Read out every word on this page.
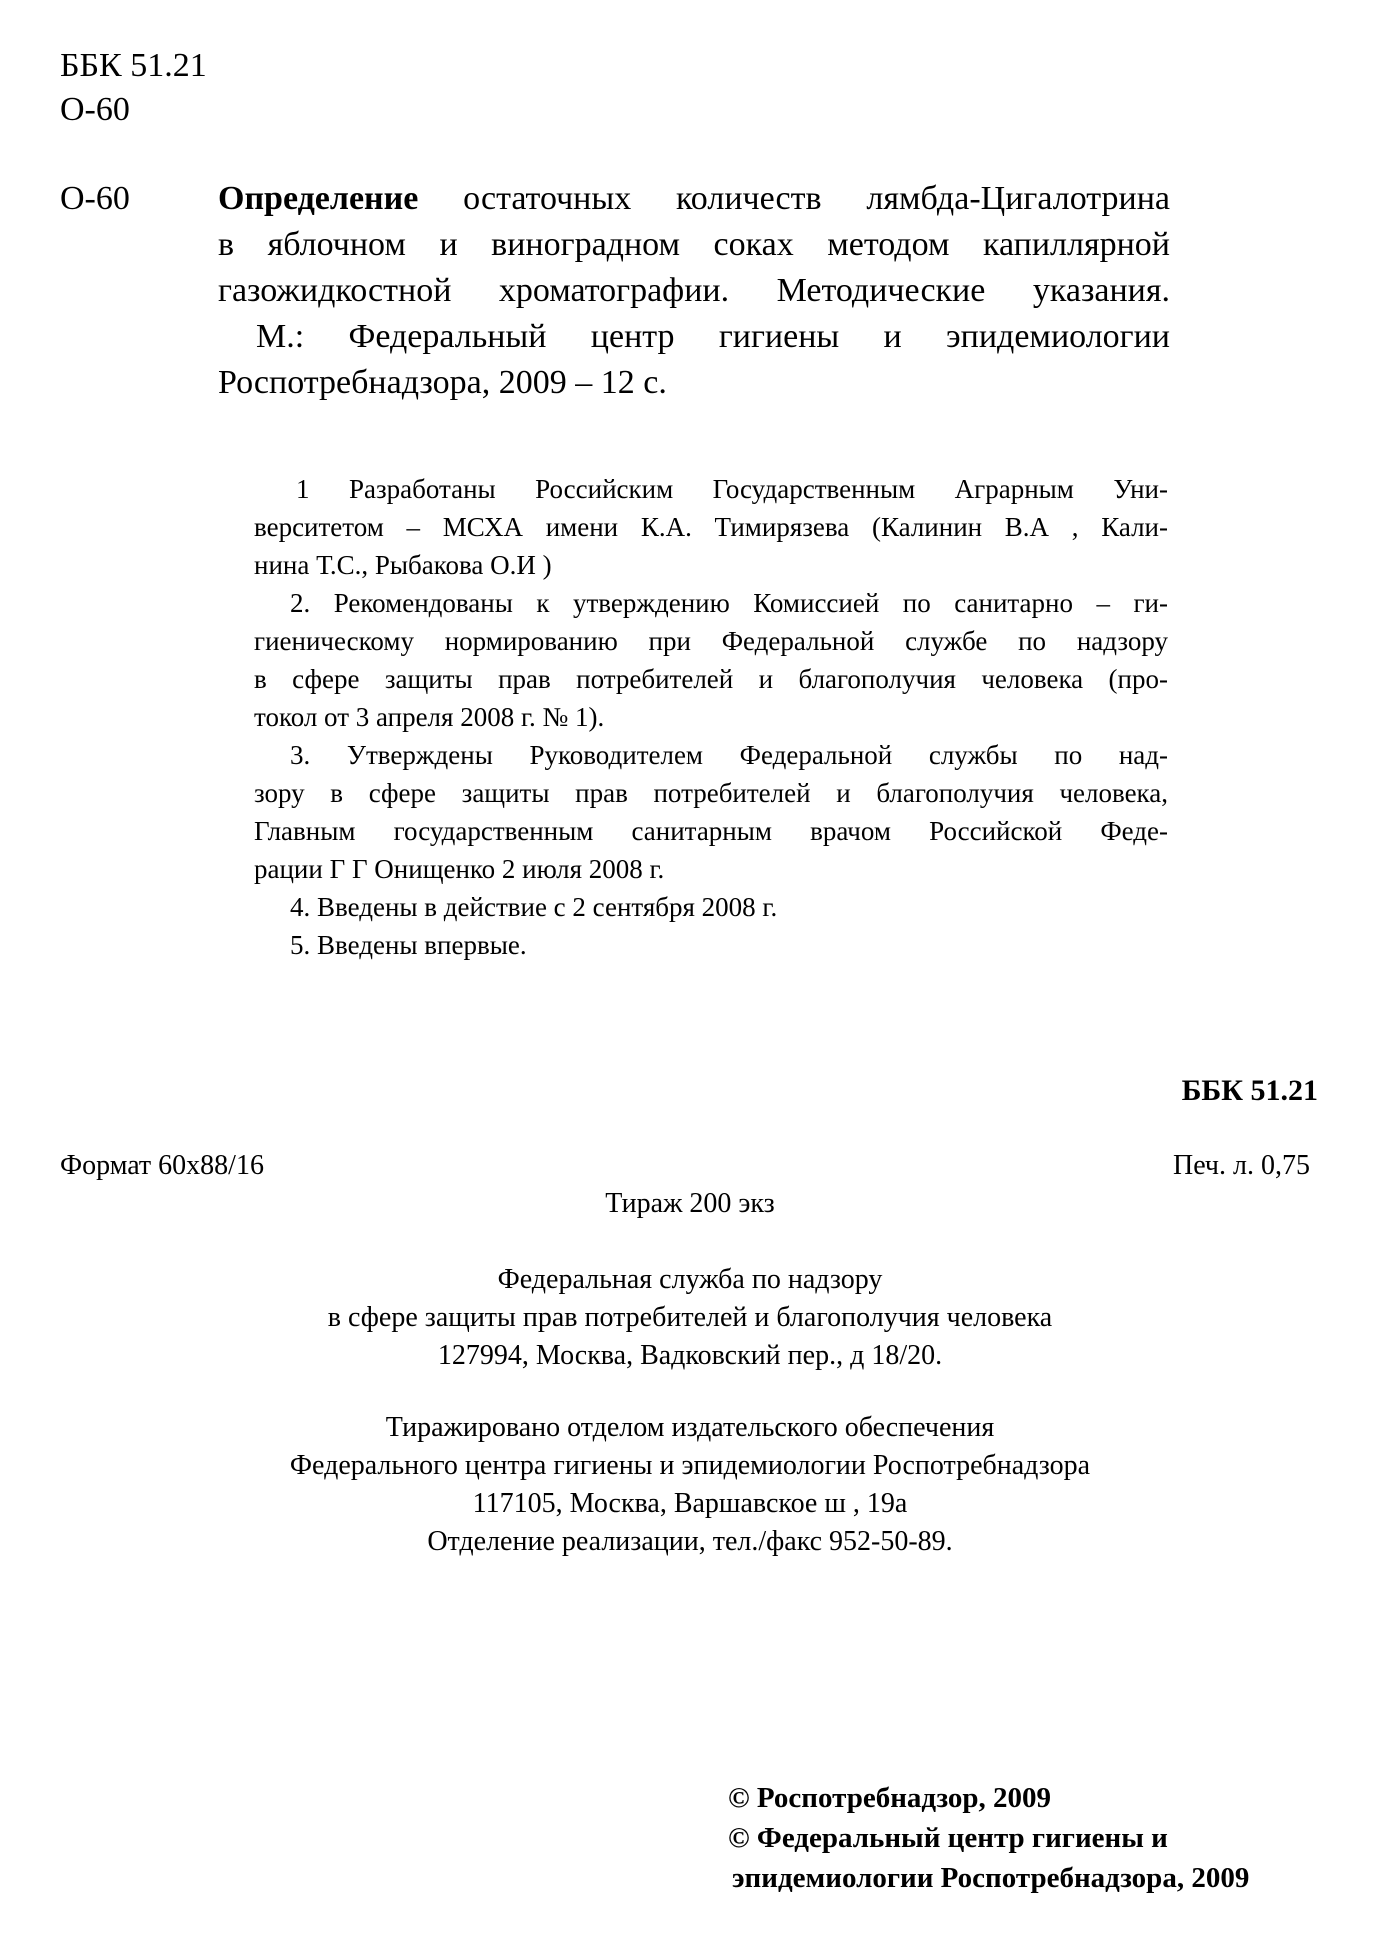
ББК 51.21
О-60
О-60	Определение остаточных количеств лямбда-Цигалотрина
в яблочном и виноградном соках методом капиллярной
газожидкостной хроматографии. Методические указания.
М.: Федеральный центр гигиены и эпидемиологии
Роспотребнадзора, 2009 – 12 с.
1 Разработаны Российским Государственным Аграрным Уни-
верситетом – МСХА имени К.А. Тимирязева (Калинин В.А , Кали-
нина Т.С., Рыбакова О.И )
2. Рекомендованы к утверждению Комиссией по санитарно – ги-
гиеническому нормированию при Федеральной службе по надзору
в сфере защиты прав потребителей и благополучия человека (про-
токол от 3 апреля 2008 г. № 1).
3. Утверждены Руководителем Федеральной службы по над-
зору в сфере защиты прав потребителей и благополучия человека,
Главным государственным санитарным врачом Российской Феде-
рации Г Г Онищенко 2 июля 2008 г.
4. Введены в действие с 2 сентября 2008 г.
5. Введены впервые.
ББК 51.21
Формат 60х88/16	Печ. л. 0,75
Тираж 200 экз
Федеральная служба по надзору
в сфере защиты прав потребителей и благополучия человека
127994, Москва, Вадковский пер., д 18/20.
Тиражировано отделом издательского обеспечения
Федерального центра гигиены и эпидемиологии Роспотребнадзора
117105, Москва, Варшавское ш , 19а
Отделение реализации, тел./факс 952-50-89.
© Роспотребнадзор, 2009
© Федеральный центр гигиены и
эпидемиологии Роспотребнадзора, 2009
